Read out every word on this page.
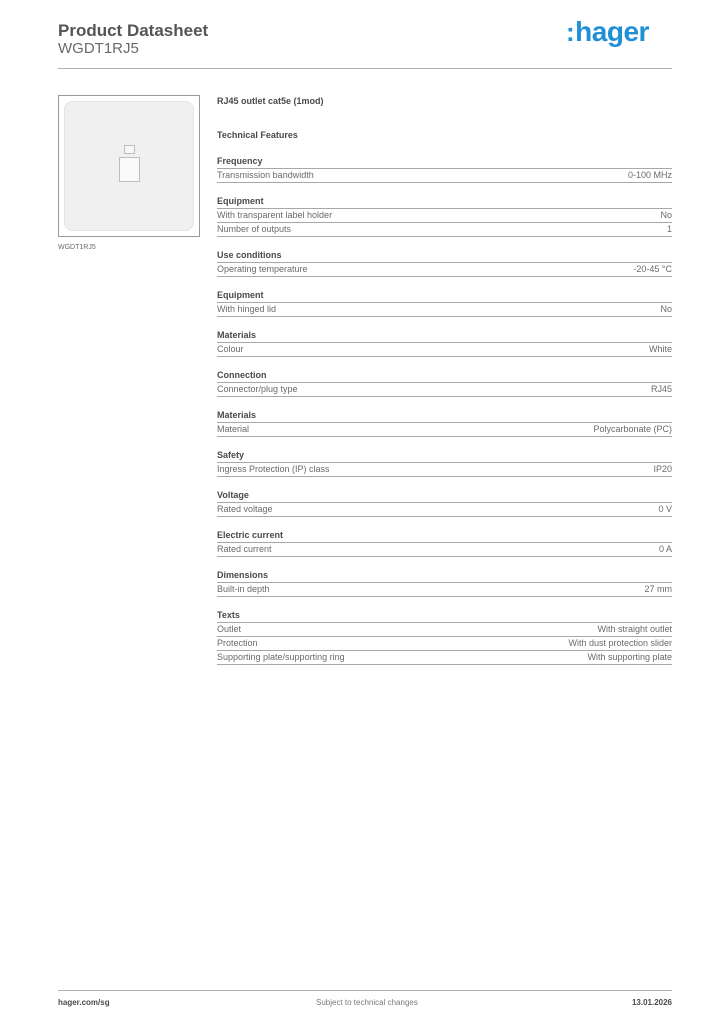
Product Datasheet
WGDT1RJ5
:hager
WGDT1RJ5
RJ45 outlet cat5e (1mod)
Technical Features
Frequency
Transmission bandwidth	0-100 MHz
Equipment
With transparent label holder	No
Number of outputs	1
Use conditions
Operating temperature	-20-45 °C
Equipment
With hinged lid	No
Materials
Colour	White
Connection
Connector/plug type	RJ45
Materials
Material	Polycarbonate (PC)
Safety
Ingress Protection (IP) class	IP20
Voltage
Rated voltage	0 V
Electric current
Rated current	0 A
Dimensions
Built-in depth	27 mm
Texts
Outlet	With straight outlet
Protection	With dust protection slider
Supporting plate/supporting ring	With supporting plate
hager.com/sg	Subject to technical changes	13.01.2026
